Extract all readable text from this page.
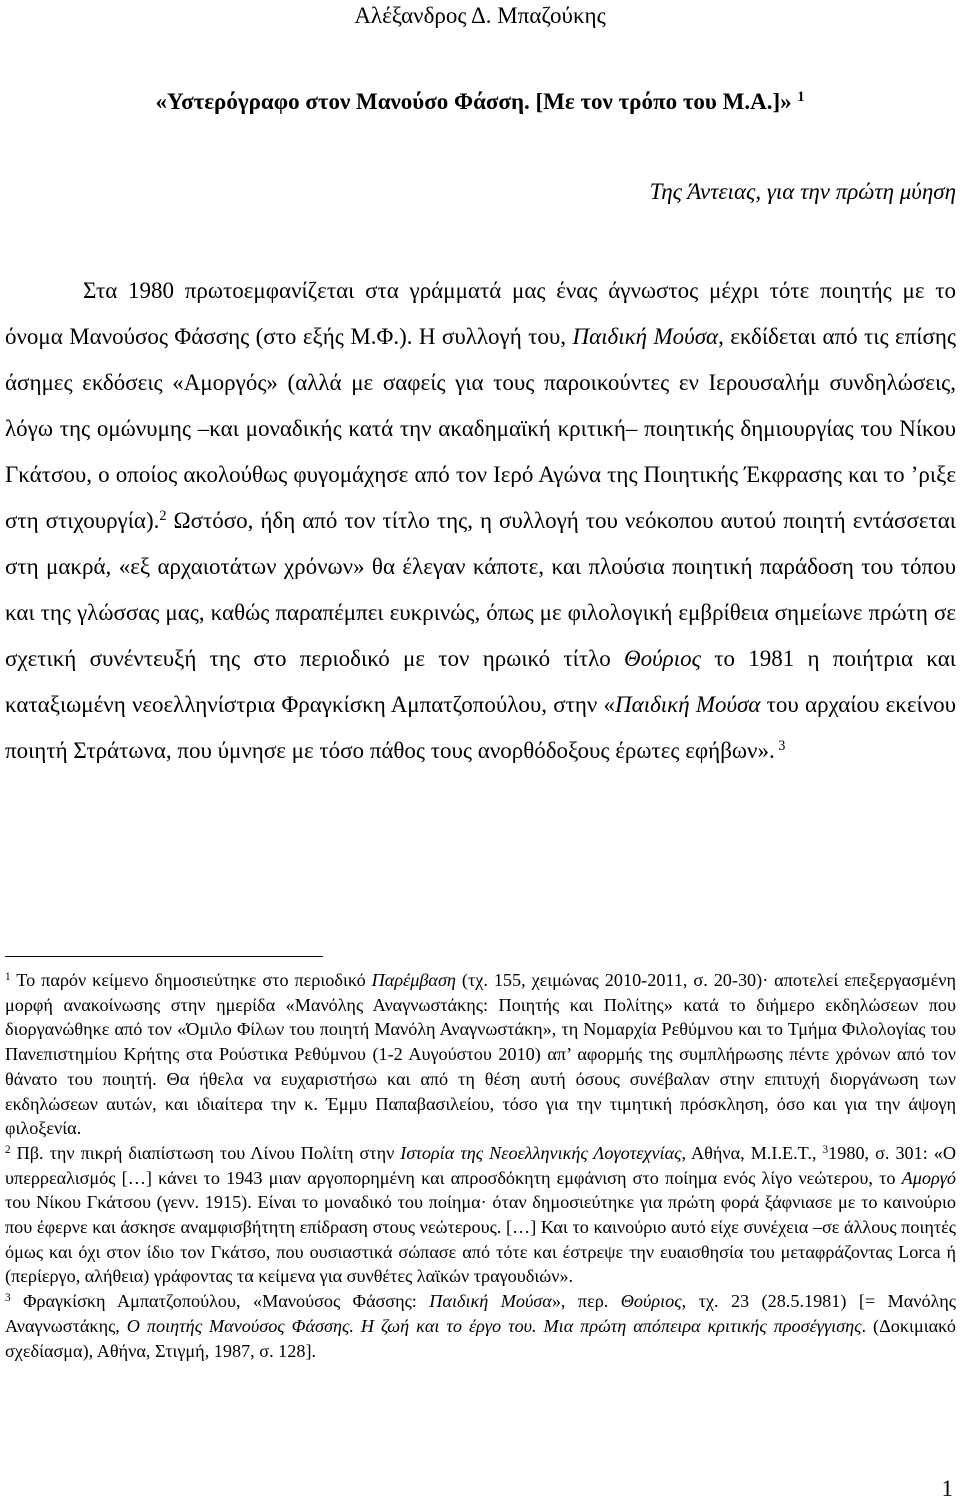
Αλέξανδρος Δ. Μπαζούκης
«Υστερόγραφο στον Μανούσο Φάσση. [Με τον τρόπο του Μ.Α.]» $^1$
Της Άντειας, για την πρώτη μύηση
Στα 1980 πρωτοεμφανίζεται στα γράμματά μας ένας άγνωστος μέχρι τότε ποιητής με το όνομα Μανούσος Φάσσης (στο εξής Μ.Φ.). Η συλλογή του, Παιδική Μούσα, εκδίδεται από τις επίσης άσημες εκδόσεις «Αμοργός» (αλλά με σαφείς για τους παροικούντες εν Ιερουσαλήμ συνδηλώσεις, λόγω της ομώνυμης –και μοναδικής κατά την ακαδημαϊκή κριτική– ποιητικής δημιουργίας του Νίκου Γκάτσου, ο οποίος ακολούθως φυγομάχησε από τον Ιερό Αγώνα της Ποιητικής Έκφρασης και το ’ριξε στη στιχουργία).$^2$ Ωστόσο, ήδη από τον τίτλο της, η συλλογή του νεόκοπου αυτού ποιητή εντάσσεται στη μακρά, «εξ αρχαιοτάτων χρόνων» θα έλεγαν κάποτε, και πλούσια ποιητική παράδοση του τόπου και της γλώσσας μας, καθώς παραπέμπει ευκρινώς, όπως με φιλολογική εμβρίθεια σημείωνε πρώτη σε σχετική συνέντευξή της στο περιοδικό με τον ηρωικό τίτλο Θούριος το 1981 η ποιήτρια και καταξιωμένη νεοελληνίστρια Φραγκίσκη Αμπατζοπούλου, στην «Παιδική Μούσα του αρχαίου εκείνου ποιητή Στράτωνα, που ύμνησε με τόσο πάθος τους ανορθόδοξους έρωτες εφήβων». $^3$

$^1$ Το παρόν κείμενο δημοσιεύτηκε στο περιοδικό Παρέμβαση (τχ. 155, χειμώνας 2010-2011, σ. 20-30)· αποτελεί επεξεργασμένη μορφή ανακοίνωσης στην ημερίδα «Μανόλης Αναγνωστάκης: Ποιητής και Πολίτης» κατά το διήμερο εκδηλώσεων που διοργανώθηκε από τον «Όμιλο Φίλων του ποιητή Μανόλη Αναγνωστάκη», τη Νομαρχία Ρεθύμνου και το Τμήμα Φιλολογίας του Πανεπιστημίου Κρήτης στα Ρούστικα Ρεθύμνου (1-2 Αυγούστου 2010) απ’ αφορμής της συμπλήρωσης πέντε χρόνων από τον θάνατο του ποιητή. Θα ήθελα να ευχαριστήσω και από τη θέση αυτή όσους συνέβαλαν στην επιτυχή διοργάνωση των εκδηλώσεων αυτών, και ιδιαίτερα την κ. Έμμυ Παπαβασιλείου, τόσο για την τιμητική πρόσκληση, όσο και για την άψογη φιλοξενία.

$^2$ Πβ. την πικρή διαπίστωση του Λίνου Πολίτη στην Ιστορία της Νεοελληνικής Λογοτεχνίας, Αθήνα, Μ.Ι.Ε.Τ., $^3$1980, σ. 301: «Ο υπερρεαλισμός […] κάνει το 1943 μιαν αργοπορημένη και απροσδόκητη εμφάνιση στο ποίημα ενός λίγο νεώτερου, το Αμοργό του Νίκου Γκάτσου (γενν. 1915). Είναι το μοναδικό του ποίημα· όταν δημοσιεύτηκε για πρώτη φορά ξάφνιασε με το καινούριο που έφερνε και άσκησε αναμφισβήτητη επίδραση στους νεώτερους. […] Και το καινούριο αυτό είχε συνέχεια –σε άλλους ποιητές όμως και όχι στον ίδιο τον Γκάτσο, που ουσιαστικά σώπασε από τότε και έστρεψε την ευαισθησία του μεταφράζοντας Lorca ή (περίεργο, αλήθεια) γράφοντας τα κείμενα για συνθέτες λαϊκών τραγουδιών».

$^3$ Φραγκίσκη Αμπατζοπούλου, «Μανούσος Φάσσης: Παιδική Μούσα», περ. Θούριος, τχ. 23 (28.5.1981) [= Μανόλης Αναγνωστάκης, Ο ποιητής Μανούσος Φάσσης. Η ζωή και το έργο του. Μια πρώτη απόπειρα κριτικής προσέγγισης. (Δοκιμιακό σχεδίασμα), Αθήνα, Στιγμή, 1987, σ. 128].

1
